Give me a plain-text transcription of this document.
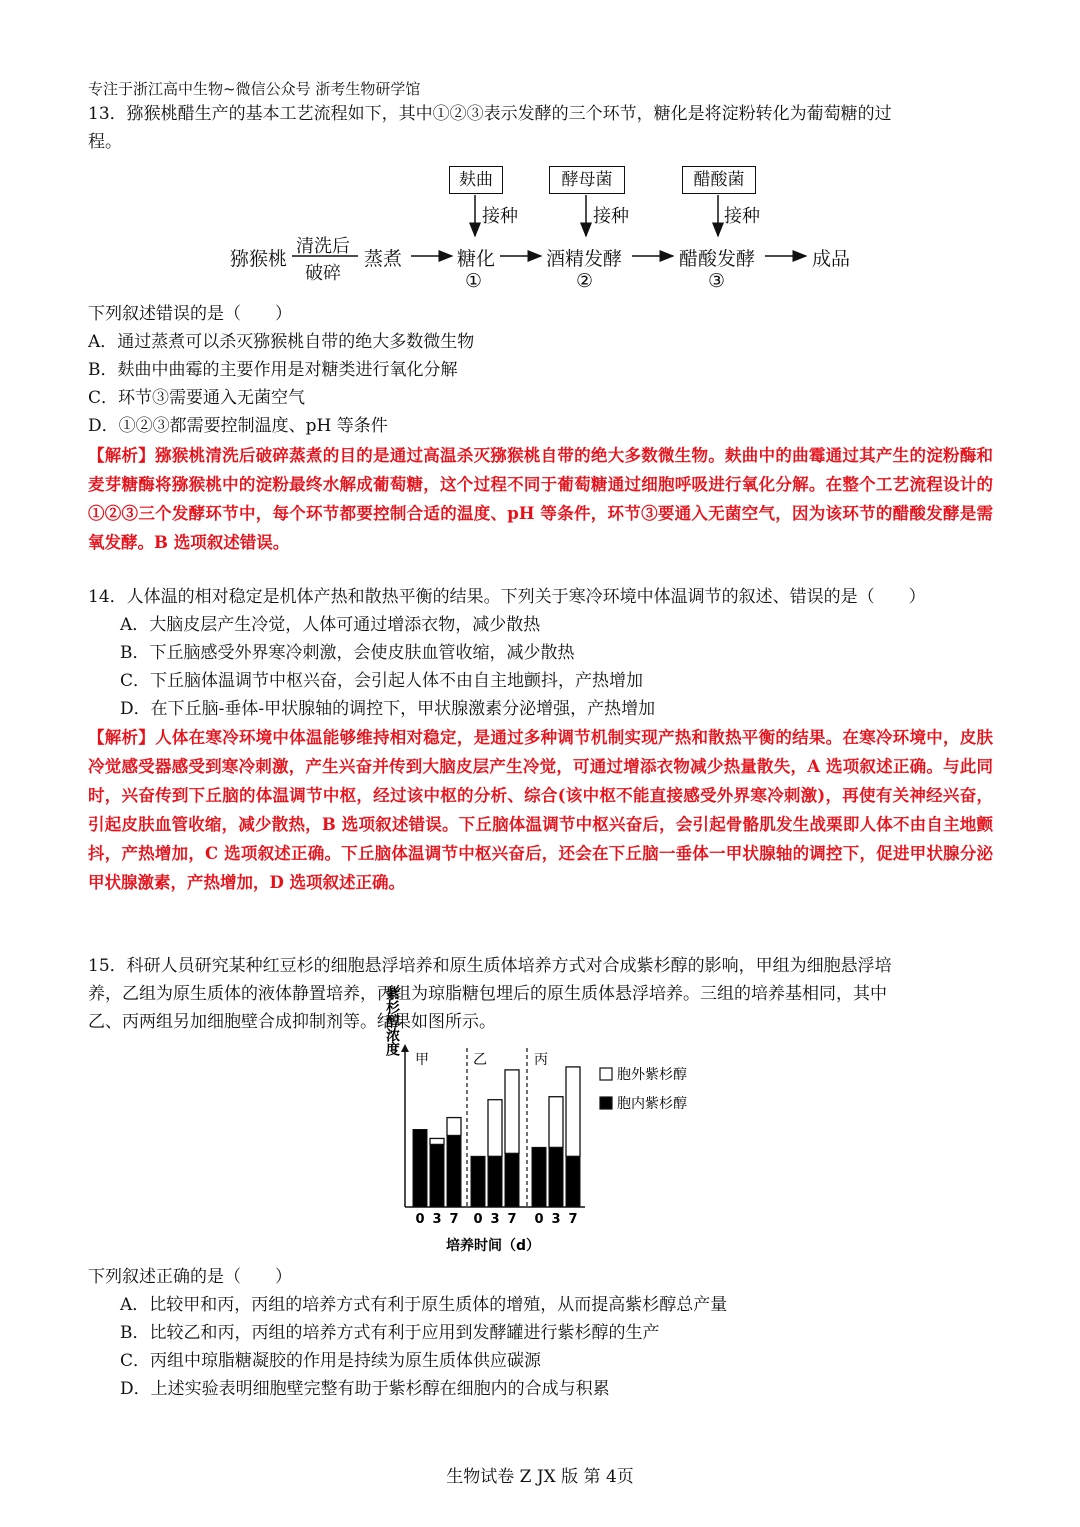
专注于浙江高中生物~微信公众号 浙考生物研学馆
13．猕猴桃醋生产的基本工艺流程如下，其中①②③表示发酵的三个环节，糖化是将淀粉转化为葡萄糖的过
程。
麸曲	酵母菌	醋酸菌
接种	接种	接种
猕猴桃
清洗后
破碎
蒸煮	糖化	酒精发酵	醋酸发酵	成品
①	②	③
下列叙述错误的是（　　）
A．通过蒸煮可以杀灭猕猴桃自带的绝大多数微生物
B．麸曲中曲霉的主要作用是对糖类进行氧化分解
C．环节③需要通入无菌空气
D．①②③都需要控制温度、pH 等条件
【解析】猕猴桃清洗后破碎蒸煮的目的是通过高温杀灭猕猴桃自带的绝大多数微生物。麸曲中的曲霉通过其产生的淀粉酶和麦芽糖酶将猕猴桃中的淀粉最终水解成葡萄糖，这个过程不同于葡萄糖通过细胞呼吸进行氧化分解。在整个工艺流程设计的①②③三个发酵环节中，每个环节都要控制合适的温度、pH 等条件，环节③要通入无菌空气，因为该环节的醋酸发酵是需氧发酵。B 选项叙述错误。
14．人体温的相对稳定是机体产热和散热平衡的结果。下列关于寒冷环境中体温调节的叙述、错误的是（　　）
A．大脑皮层产生冷觉，人体可通过增添衣物，减少散热
B．下丘脑感受外界寒冷刺激，会使皮肤血管收缩，减少散热
C．下丘脑体温调节中枢兴奋，会引起人体不由自主地颤抖，产热增加
D．在下丘脑-垂体-甲状腺轴的调控下，甲状腺激素分泌增强，产热增加
【解析】人体在寒冷环境中体温能够维持相对稳定，是通过多种调节机制实现产热和散热平衡的结果。在寒冷环境中，皮肤冷觉感受器感受到寒冷刺激，产生兴奋并传到大脑皮层产生冷觉，可通过增添衣物减少热量散失，A 选项叙述正确。与此同时，兴奋传到下丘脑的体温调节中枢，经过该中枢的分析、综合(该中枢不能直接感受外界寒冷刺激)，再使有关神经兴奋，引起皮肤血管收缩，减少散热，B 选项叙述错误。下丘脑体温调节中枢兴奋后，会引起骨骼肌发生战栗即人体不由自主地颤抖，产热增加，C 选项叙述正确。下丘脑体温调节中枢兴奋后，还会在下丘脑一垂体一甲状腺轴的调控下，促进甲状腺分泌甲状腺激素，产热增加，D 选项叙述正确。
15．科研人员研究某种红豆杉的细胞悬浮培养和原生质体培养方式对合成紫杉醇的影响，甲组为细胞悬浮培
养，乙组为原生质体的液体静置培养，丙组为琼脂糖包埋后的原生质体悬浮培养。三组的培养基相同，其中
乙、丙两组另加细胞壁合成抑制剂等。结果如图所示。
紫杉醇浓度
培养时间（d）
甲
0 3 7
乙
0 3 7
丙
0 3 7
胞外紫杉醇
胞内紫杉醇
下列叙述正确的是（　　）
A．比较甲和丙，丙组的培养方式有利于原生质体的增殖，从而提高紫杉醇总产量
B．比较乙和丙，丙组的培养方式有利于应用到发酵罐进行紫杉醇的生产
C．丙组中琼脂糖凝胶的作用是持续为原生质体供应碳源
D．上述实验表明细胞壁完整有助于紫杉醇在细胞内的合成与积累
生物试卷 Z JX 版 第 4页
